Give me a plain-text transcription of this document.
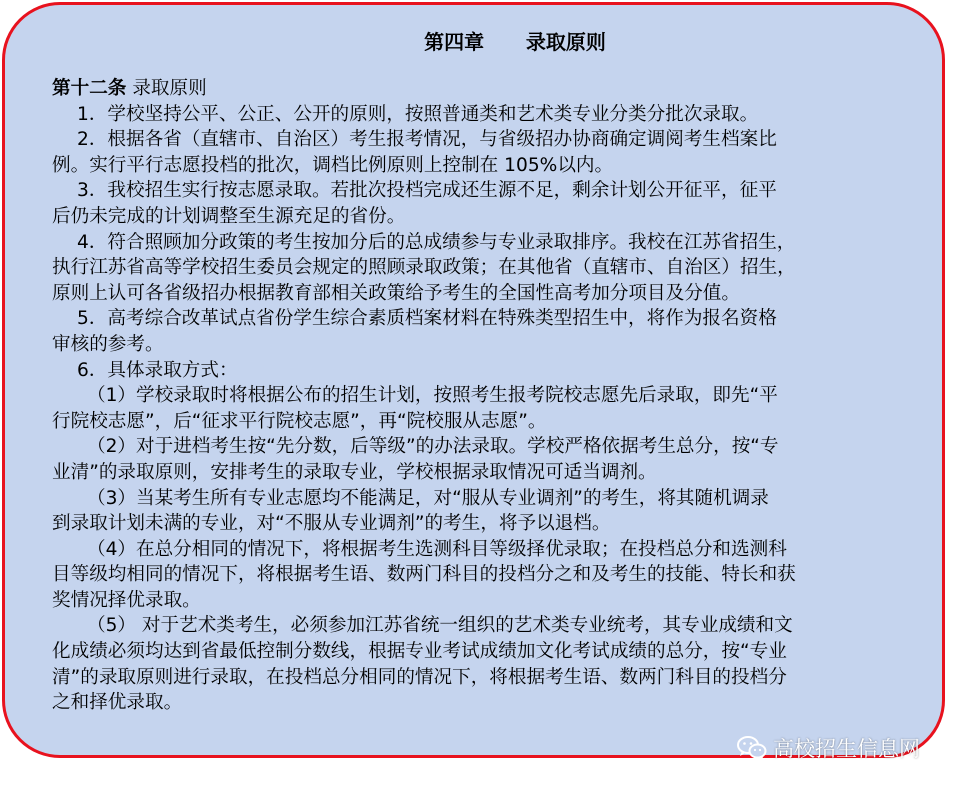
第四章 录取原则

第十二条 录取原则

1．学校坚持公平、公正、公开的原则，按照普通类和艺术类专业分类分批次录取。

2．根据各省（直辖市、自治区）考生报考情况，与省级招办协商确定调阅考生档案比

例。实行平行志愿投档的批次，调档比例原则上控制在 105%以内。

3．我校招生实行按志愿录取。若批次投档完成还生源不足，剩余计划公开征平，征平

后仍未完成的计划调整至生源充足的省份。

4．符合照顾加分政策的考生按加分后的总成绩参与专业录取排序。我校在江苏省招生，

执行江苏省高等学校招生委员会规定的照顾录取政策；在其他省（直辖市、自治区）招生，

原则上认可各省级招办根据教育部相关政策给予考生的全国性高考加分项目及分值。

5．高考综合改革试点省份学生综合素质档案材料在特殊类型招生中，将作为报名资格

审核的参考。

6．具体录取方式：

（1）学校录取时将根据公布的招生计划，按照考生报考院校志愿先后录取，即先“平

行院校志愿”，后“征求平行院校志愿”，再“院校服从志愿”。

（2）对于进档考生按“先分数，后等级”的办法录取。学校严格依据考生总分，按“专

业清”的录取原则，安排考生的录取专业，学校根据录取情况可适当调剂。

（3）当某考生所有专业志愿均不能满足，对“服从专业调剂”的考生，将其随机调录

到录取计划未满的专业，对“不服从专业调剂”的考生，将予以退档。

（4）在总分相同的情况下，将根据考生选测科目等级择优录取；在投档总分和选测科

目等级均相同的情况下，将根据考生语、数两门科目的投档分之和及考生的技能、特长和获

奖情况择优录取。

（5） 对于艺术类考生，必须参加江苏省统一组织的艺术类专业统考，其专业成绩和文

化成绩必须均达到省最低控制分数线，根据专业考试成绩加文化考试成绩的总分，按“专业

清”的录取原则进行录取，在投档总分相同的情况下，将根据考生语、数两门科目的投档分

之和择优录取。

高校招生信息网
